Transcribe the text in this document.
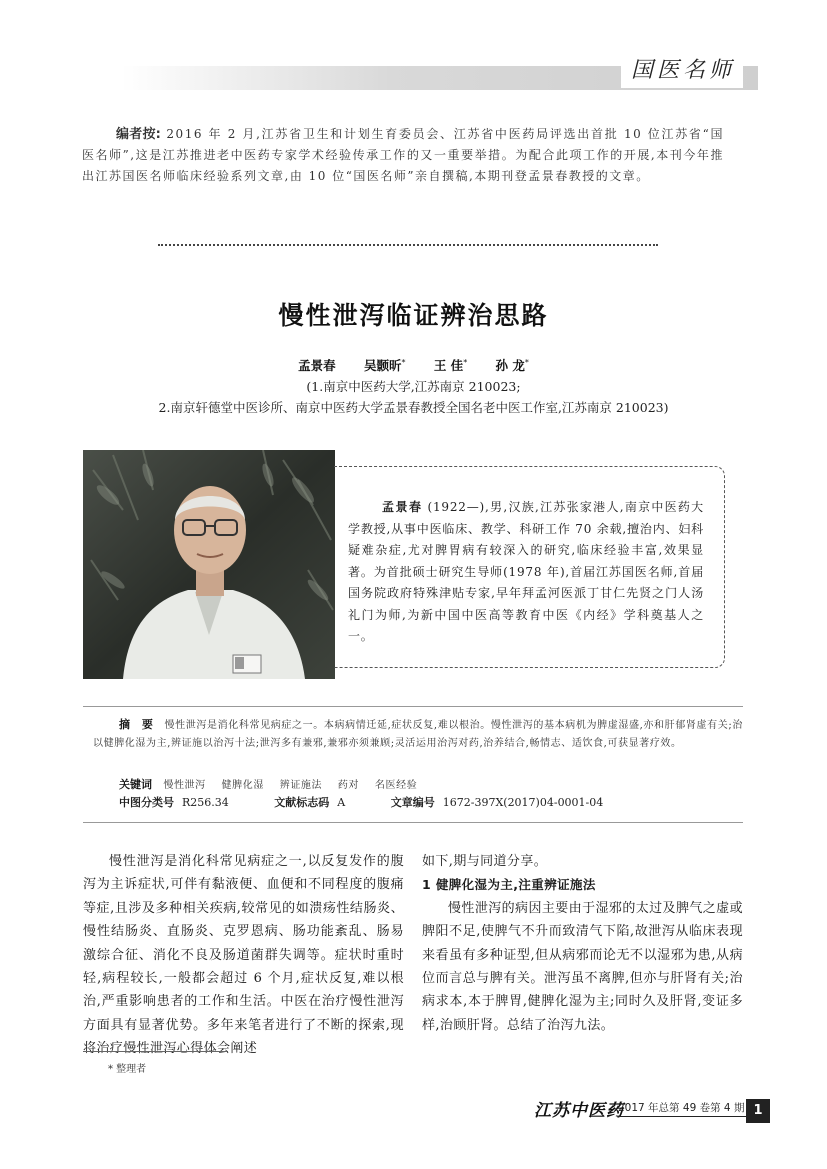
国医名师
编者按: 2016 年 2 月,江苏省卫生和计划生育委员会、江苏省中医药局评选出首批 10 位江苏省“国医名师”,这是江苏推进老中医药专家学术经验传承工作的又一重要举措。为配合此项工作的开展,本刊今年推出江苏国医名师临床经验系列文章,由 10 位“国医名师”亲自撰稿,本期刊登孟景春教授的文章。
慢性泄泻临证辨治思路
孟景春 吴颢昕* 王 佳* 孙 龙*
(1.南京中医药大学,江苏南京 210023;
2.南京轩德堂中医诊所、南京中医药大学孟景春教授全国名老中医工作室,江苏南京 210023)
孟景春 (1922—),男,汉族,江苏张家港人,南京中医药大学教授,从事中医临床、教学、科研工作 70 余载,擅治内、妇科疑难杂症,尤对脾胃病有较深入的研究,临床经验丰富,效果显著。为首批硕士研究生导师(1978 年),首届江苏国医名师,首届国务院政府特殊津贴专家,早年拜孟河医派丁甘仁先贤之门人汤礼门为师,为新中国中医高等教育中医《内经》学科奠基人之一。
摘 要 慢性泄泻是消化科常见病症之一。本病病情迁延,症状反复,难以根治。慢性泄泻的基本病机为脾虚湿盛,亦和肝郁肾虚有关;治以健脾化湿为主,辨证施以治泻十法;泄泻多有兼邪,兼邪亦须兼顾;灵活运用治泻对药,治养结合,畅情志、适饮食,可获显著疗效。
关键词 慢性泄泻 健脾化湿 辨证施法 药对 名医经验
中图分类号 R256.34	文献标志码 A	文章编号 1672-397X(2017)04-0001-04

慢性泄泻是消化科常见病症之一,以反复发作的腹泻为主诉症状,可伴有黏液便、血便和不同程度的腹痛等症,且涉及多种相关疾病,较常见的如溃疡性结肠炎、慢性结肠炎、直肠炎、克罗恩病、肠功能紊乱、肠易激综合征、消化不良及肠道菌群失调等。症状时重时轻,病程较长,一般都会超过 6 个月,症状反复,难以根治,严重影响患者的工作和生活。中医在治疗慢性泄泻方面具有显著优势。多年来笔者进行了不断的探索,现将治疗慢性泄泻心得体会阐述

如下,期与同道分享。

1 健脾化湿为主,注重辨证施法

慢性泄泻的病因主要由于湿邪的太过及脾气之虚或脾阳不足,使脾气不升而致清气下陷,故泄泻从临床表现来看虽有多种证型,但从病邪而论无不以湿邪为患,从病位而言总与脾有关。泄泻虽不离脾,但亦与肝肾有关;治病求本,本于脾胃,健脾化湿为主;同时久及肝肾,变证多样,治顾肝肾。总结了治泻九法。

* 整理者
江苏中医药
2017 年总第 49 卷第 4 期 1
